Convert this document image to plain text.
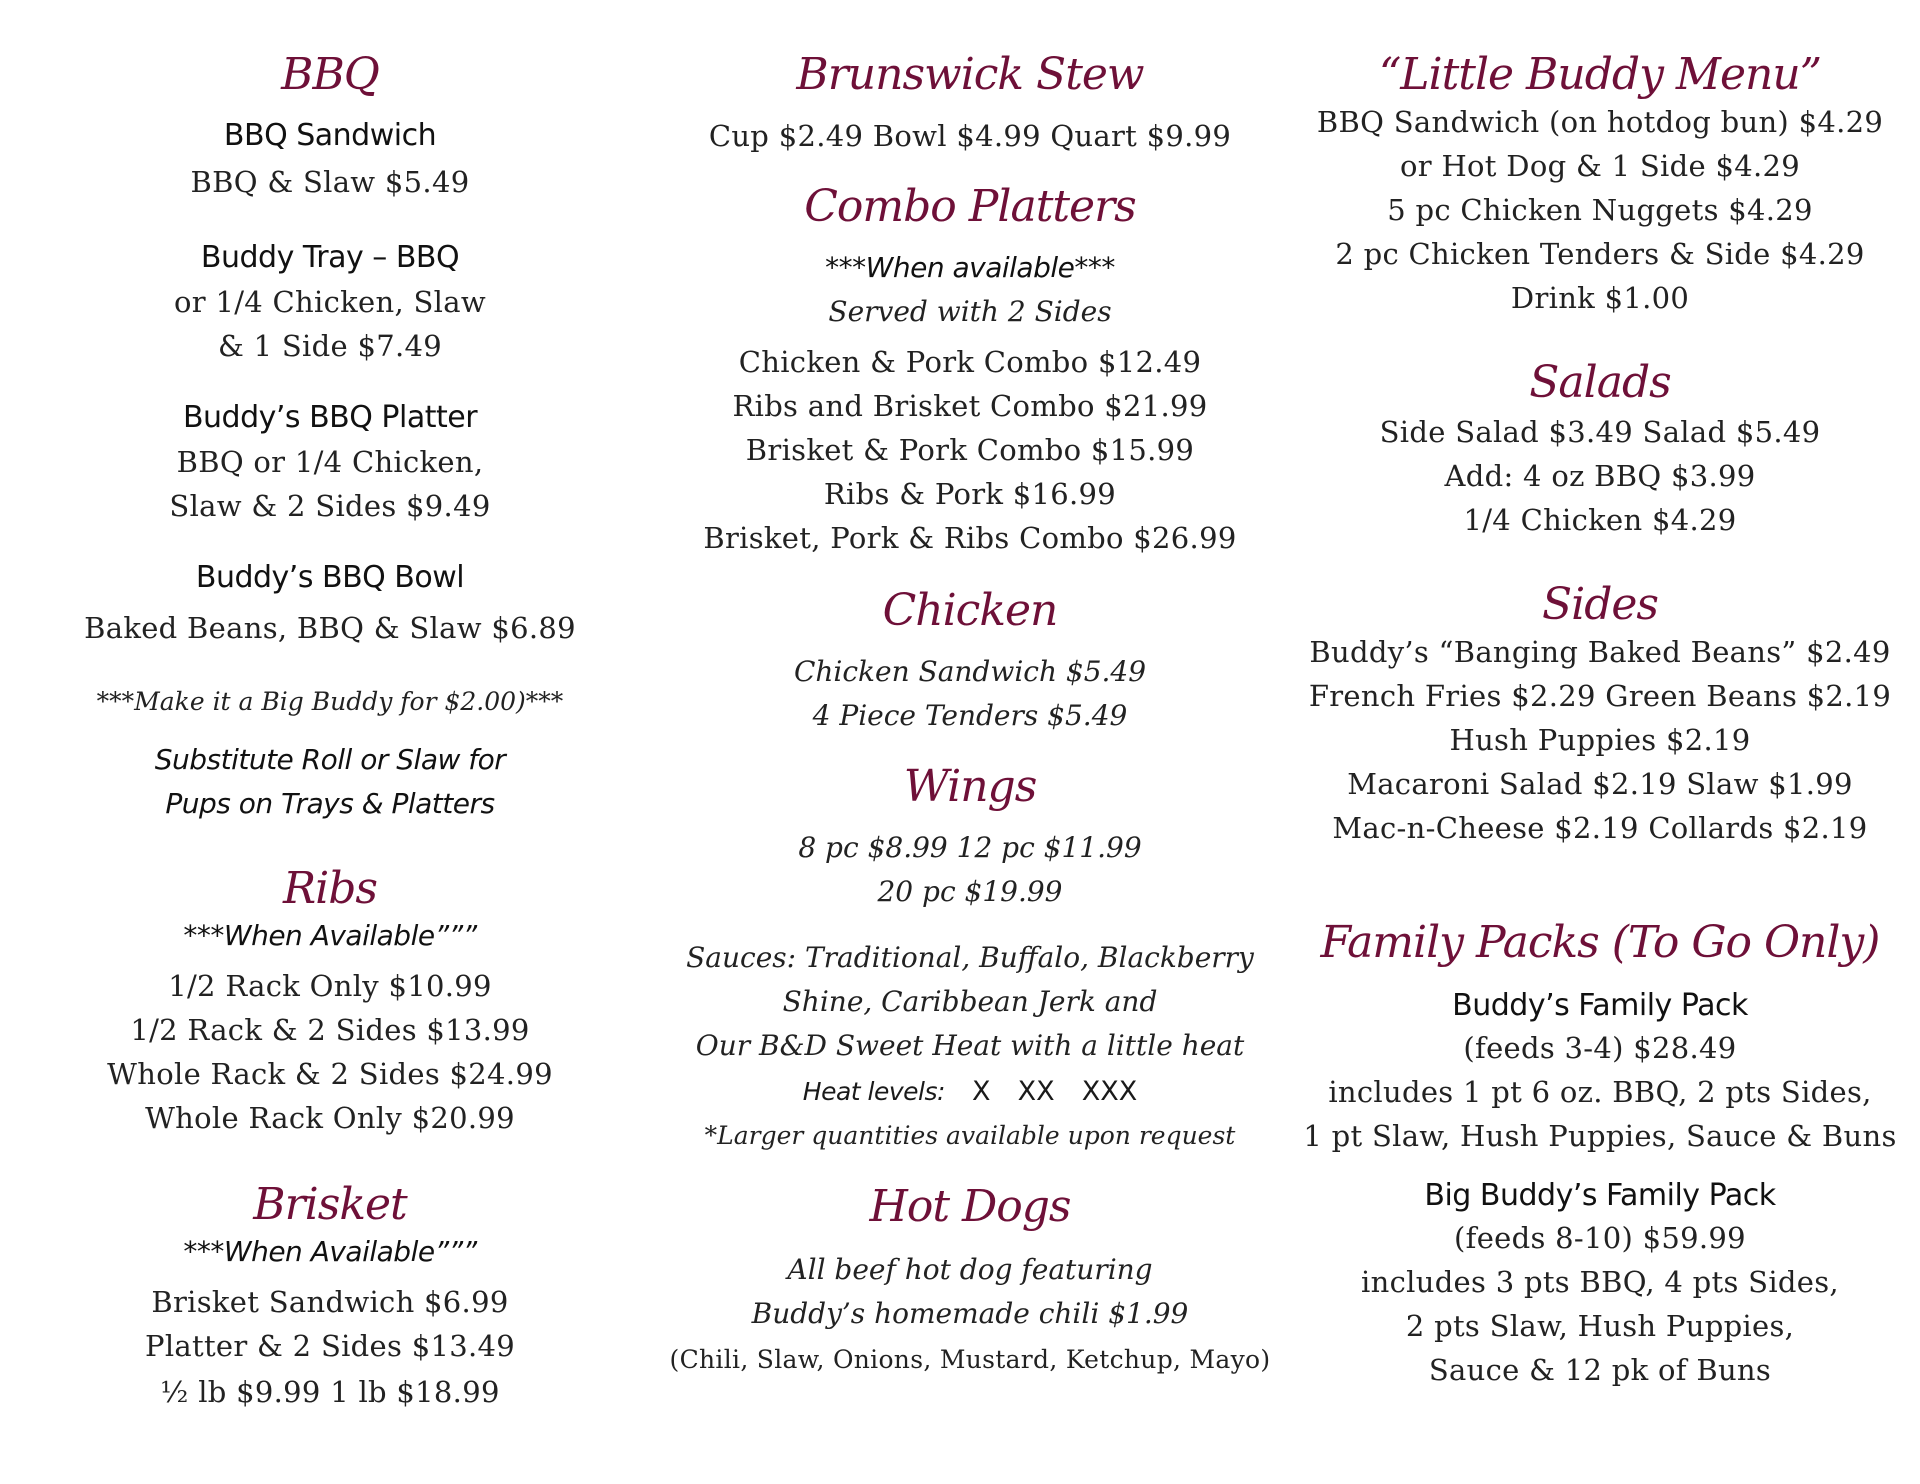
BBQ
BBQ Sandwich
BBQ & Slaw $5.49
Buddy Tray – BBQ
or 1/4 Chicken, Slaw
& 1 Side $7.49
Buddy’s BBQ Platter
BBQ or 1/4 Chicken,
Slaw & 2 Sides $9.49
Buddy’s BBQ Bowl
Baked Beans, BBQ & Slaw $6.89
***Make it a Big Buddy for $2.00)***
Substitute Roll or Slaw for
Pups on Trays & Platters
Ribs
***When Available”””
1/2 Rack Only $10.99
1/2 Rack & 2 Sides $13.99
Whole Rack & 2 Sides $24.99
Whole Rack Only $20.99
Brisket
***When Available”””
Brisket Sandwich $6.99
Platter & 2 Sides $13.49
½ lb $9.99 1 lb $18.99
Brunswick Stew
Cup $2.49 Bowl $4.99 Quart $9.99
Combo Platters
***When available***
Served with 2 Sides
Chicken & Pork Combo $12.49
Ribs and Brisket Combo $21.99
Brisket & Pork Combo $15.99
Ribs & Pork $16.99
Brisket, Pork & Ribs Combo $26.99
Chicken
Chicken Sandwich $5.49
4 Piece Tenders $5.49
Wings
8 pc $8.99 12 pc $11.99
20 pc $19.99
Sauces: Traditional, Buffalo, Blackberry
Shine, Caribbean Jerk and
Our B&D Sweet Heat with a little heat
Heat levels: X XX XXX
*Larger quantities available upon request
Hot Dogs
All beef hot dog featuring
Buddy’s homemade chili $1.99
(Chili, Slaw, Onions, Mustard, Ketchup, Mayo)
“Little Buddy Menu”
BBQ Sandwich (on hotdog bun) $4.29
or Hot Dog & 1 Side $4.29
5 pc Chicken Nuggets $4.29
2 pc Chicken Tenders & Side $4.29
Drink $1.00
Salads
Side Salad $3.49 Salad $5.49
Add: 4 oz BBQ $3.99
1/4 Chicken $4.29
Sides
Buddy’s “Banging Baked Beans” $2.49
French Fries $2.29 Green Beans $2.19
Hush Puppies $2.19
Macaroni Salad $2.19 Slaw $1.99
Mac-n-Cheese $2.19 Collards $2.19
Family Packs (To Go Only)
Buddy’s Family Pack
(feeds 3-4) $28.49
includes 1 pt 6 oz. BBQ, 2 pts Sides,
1 pt Slaw, Hush Puppies, Sauce & Buns
Big Buddy’s Family Pack
(feeds 8-10) $59.99
includes 3 pts BBQ, 4 pts Sides,
2 pts Slaw, Hush Puppies,
Sauce & 12 pk of Buns
